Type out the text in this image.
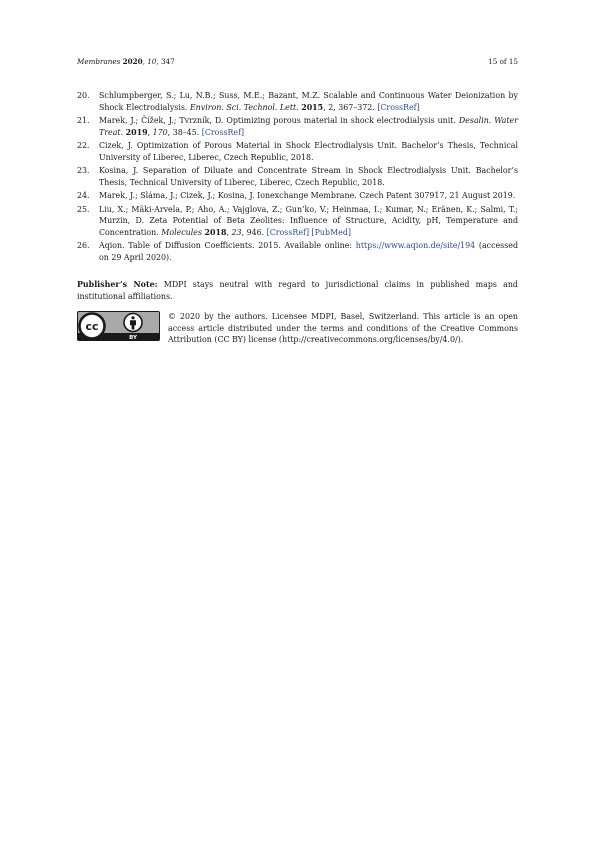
Membranes 2020, 10, 347	15 of 15
20. Schlumpberger, S.; Lu, N.B.; Suss, M.E.; Bazant, M.Z. Scalable and Continuous Water Deionization by Shock Electrodialysis. Environ. Sci. Technol. Lett. 2015, 2, 367–372. [CrossRef]
21. Marek, J.; Čížek, J.; Tvrzník, D. Optimizing porous material in shock electrodialysis unit. Desalin. Water Treat. 2019, 170, 38–45. [CrossRef]
22. Cizek, J. Optimization of Porous Material in Shock Electrodialysis Unit. Bachelor’s Thesis, Technical University of Liberec, Liberec, Czech Republic, 2018.
23. Kosina, J. Separation of Diluate and Concentrate Stream in Shock Electrodialysis Unit. Bachelor’s Thesis, Technical University of Liberec, Liberec, Czech Republic, 2018.
24. Marek, J.; Sláma, J.; Cizek, J.; Kosina, J. Ionexchange Membrane. Czech Patent 307917, 21 August 2019.
25. Liu, X.; Mäki-Arvela, P.; Aho, A.; Vajglova, Z.; Gun’ko, V.; Heinmaa, I.; Kumar, N.; Eränen, K.; Salmi, T.; Murzin, D. Zeta Potential of Beta Zeolites: Influence of Structure, Acidity, pH, Temperature and Concentration. Molecules 2018, 23, 946. [CrossRef] [PubMed]
26. Aqion. Table of Diffusion Coefficients. 2015. Available online: https://www.aqion.de/site/194 (accessed on 29 April 2020).
Publisher’s Note: MDPI stays neutral with regard to jurisdictional claims in published maps and institutional affiliations.
cc
BY
© 2020 by the authors. Licensee MDPI, Basel, Switzerland. This article is an open access article distributed under the terms and conditions of the Creative Commons Attribution (CC BY) license (http://creativecommons.org/licenses/by/4.0/).
